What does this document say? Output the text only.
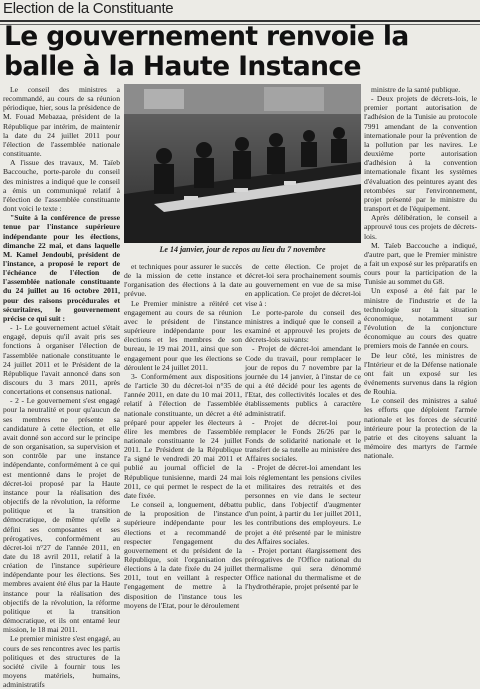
Election de la Constituante
Le gouvernement renvoie la balle à la Haute Instance

Le conseil des ministres a recommandé, au cours de sa réunion périodique, hier, sous la présidence de M. Fouad Mebazaa, président de la République par intérim, de maintenir la date du 24 juillet 2011 pour l'élection de l'assemblée nationale constituante.

A l'issue des travaux, M. Taïeb Baccouche, porte-parole du conseil des ministres a indiqué que le conseil a émis un communiqué relatif à l'élection de l'assemblée constituante dont voici le texte :

"Suite à la conférence de presse tenue par l'instance supérieure indépendante pour les élections, dimanche 22 mai, et dans laquelle M. Kamel Jendoubi, président de l'instance, a proposé le report de l'échéance de l'élection de l'assemblée nationale constituante du 24 juillet au 16 octobre 2011, pour des raisons procédurales et sécuritaires, le gouvernement précise ce qui suit :

- 1- Le gouvernement actuel s'était engagé, depuis qu'il avait pris ses fonctions à organiser l'élection de l'assemblée nationale constituante le 24 juillet 2011 et le Président de la République l'avait annoncé dans son discours du 3 mars 2011, après concertations et consensus national.

- 2 - Le gouvernement s'est engagé pour la neutralité et pour qu'aucun de ses membres ne présente sa candidature à cette élection, et elle avait donné son accord sur le principe de son organisation, sa supervision et son contrôle par une instance indépendante, conformément à ce qui est mentionné dans le projet de décret-loi proposé par la Haute instance pour la réalisation des objectifs de la révolution, la réforme politique et la transition démocratique, de même qu'elle a défini ses composantes et ses prérogatives, conformément au décret-loi n°27 de l'année 2011, en date du 18 avril 2011, relatif à la création de l'instance supérieure indépendante pour les élections. Ses membres avaient été élus par la Haute instance pour la réalisation des objectifs de la révolution, la réforme politique et la transition démocratique, et ils ont entamé leur mission, le 18 mai 2011.

Le premier ministre s'est engagé, au cours de ses rencontres avec les partis politiques et des structures de la société civile à fournir tous les moyens matériels, humains, administratifs

Le 14 janvier, jour de repos au lieu du 7 novembre

et techniques pour assurer le succès de la mission de cette instance et l'organisation des élections à la date prévue.

Le Premier ministre a réitéré cet engagement au cours de sa réunion avec le président de l'instance supérieure indépendante pour les élections et les membres de son bureau, le 19 mai 2011, ainsi que son engagement pour que les élections se déroulent le 24 juillet 2011.

3- Conformément aux dispositions de l'article 30 du décret-loi n°35 de l'année 2011, en date du 10 mai 2011, relatif à l'élection de l'assemblée nationale constituante, un décret a été préparé pour appeler les électeurs à élire les membres de l'assemblée nationale constituante le 24 juillet 2011. Le Président de la République l'a signé le vendredi 20 mai 2011 et publié au journal officiel de la République tunisienne, mardi 24 mai 2011, ce qui permet le respect de la date fixée.

Le conseil a, longuement, débattu de la proposition de l'instance supérieure indépendante pour les élections et a recommandé de respecter l'engagement du gouvernement et du président de la République, soit l'organisation des élections à la date fixée du 24 juillet 2011, tout en veillant à respecter l'engagement de mettre à la disposition de l'instance tous les moyens de l'Etat, pour le déroulement

de cette élection. Ce projet de décret-loi sera prochainement soumis au gouvernement en vue de sa mise en application. Ce projet de décret-loi vise à :

Le porte-parole du conseil des ministres a indiqué que le conseil a examiné et approuvé les projets de décrets-lois suivants:

- Projet de décret-loi amendant le Code du travail, pour remplacer le jour de repos du 7 novembre par la journée du 14 janvier, à l'instar de ce qui a été décidé pour les agents de l'Etat, des collectivités locales et des établissements publics à caractère administratif.

- Projet de décret-loi pour remplacer le Fonds 26/26 par le Fonds de solidarité nationale et le transfert de sa tutelle au ministère des Affaires sociales.

- Projet de décret-loi amendant les lois réglementant les pensions civiles et militaires des retraités et des personnes en vie dans le secteur public, dans l'objectif d'augmenter d'un point, à partir du 1er juillet 2011, les contributions des employeurs. Le projet a été présenté par le ministre des Affaires sociales.

- Projet portant élargissement des prérogatives de l'Office national du thermalisme qui sera dénommé Office national du thermalisme et de l'hydrothérapie, projet présenté par le

ministre de la santé publique.

- Deux projets de décrets-lois, le premier portant autorisation de l'adhésion de la Tunisie au protocole 7991 amendant de la convention internationale pour la prévention de la pollution par les navires. Le deuxième porte autorisation d'adhésion à la convention internationale fixant les systèmes d'évaluation des peintures ayant des retombées sur l'environnement, projet présenté par le ministre du transport et de l'équipement.

Après délibération, le conseil a approuvé tous ces projets de décrets-lois.

M. Taïeb Baccouche a indiqué, d'autre part, que le Premier ministre a fait un exposé sur les préparatifs en cours pour la participation de la Tunisie au sommet du G8.

Un exposé a été fait par le ministre de l'industrie et de la technologie sur la situation économique, notamment sur l'évolution de la conjoncture économique au cours des quatre premiers mois de l'année en cours.

De leur côté, les ministres de l'Intérieur et de la Défense nationale ont fait un exposé sur les événements survenus dans la région de Rouhia.

Le conseil des ministres a salué les efforts que déploient l'armée nationale et les forces de sécurité intérieure pour la protection de la patrie et des citoyens saluant la mémoire des martyrs de l'armée nationale.
